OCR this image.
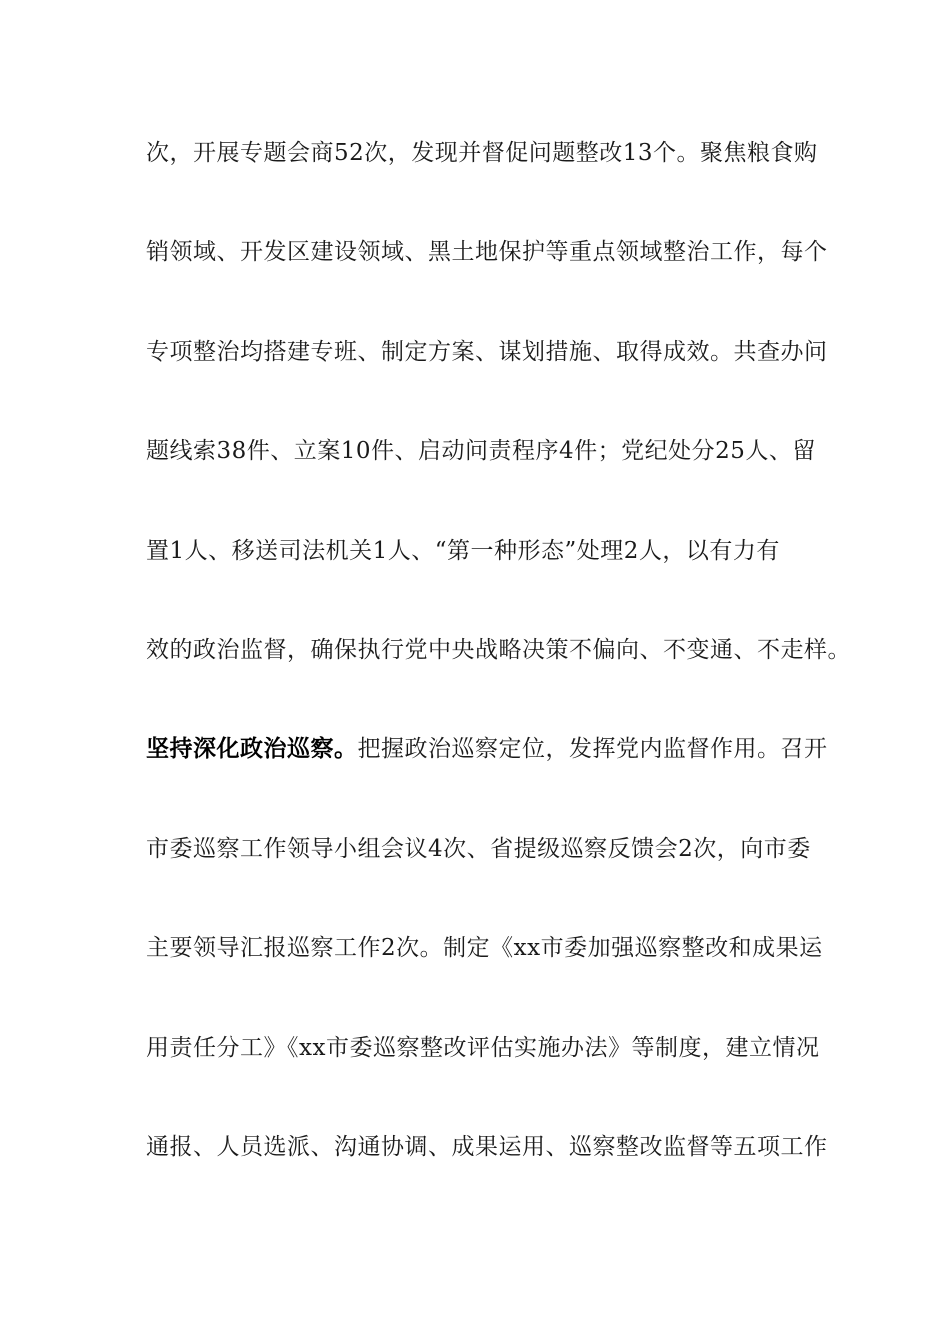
次，开展专题会商52次，发现并督促问题整改13个。聚焦粮食购
销领域、开发区建设领域、黑土地保护等重点领域整治工作，每个
专项整治均搭建专班、制定方案、谋划措施、取得成效。共查办问
题线索38件、立案10件、启动问责程序4件；党纪处分25人、留
置1人、移送司法机关1人、“第一种形态”处理2人，以有力有
效的政治监督，确保执行党中央战略决策不偏向、不变通、不走样。
坚持深化政治巡察。把握政治巡察定位，发挥党内监督作用。召开
市委巡察工作领导小组会议4次、省提级巡察反馈会2次，向市委
主要领导汇报巡察工作2次。制定《xx市委加强巡察整改和成果运
用责任分工》《xx市委巡察整改评估实施办法》等制度，建立情况
通报、人员选派、沟通协调、成果运用、巡察整改监督等五项工作
